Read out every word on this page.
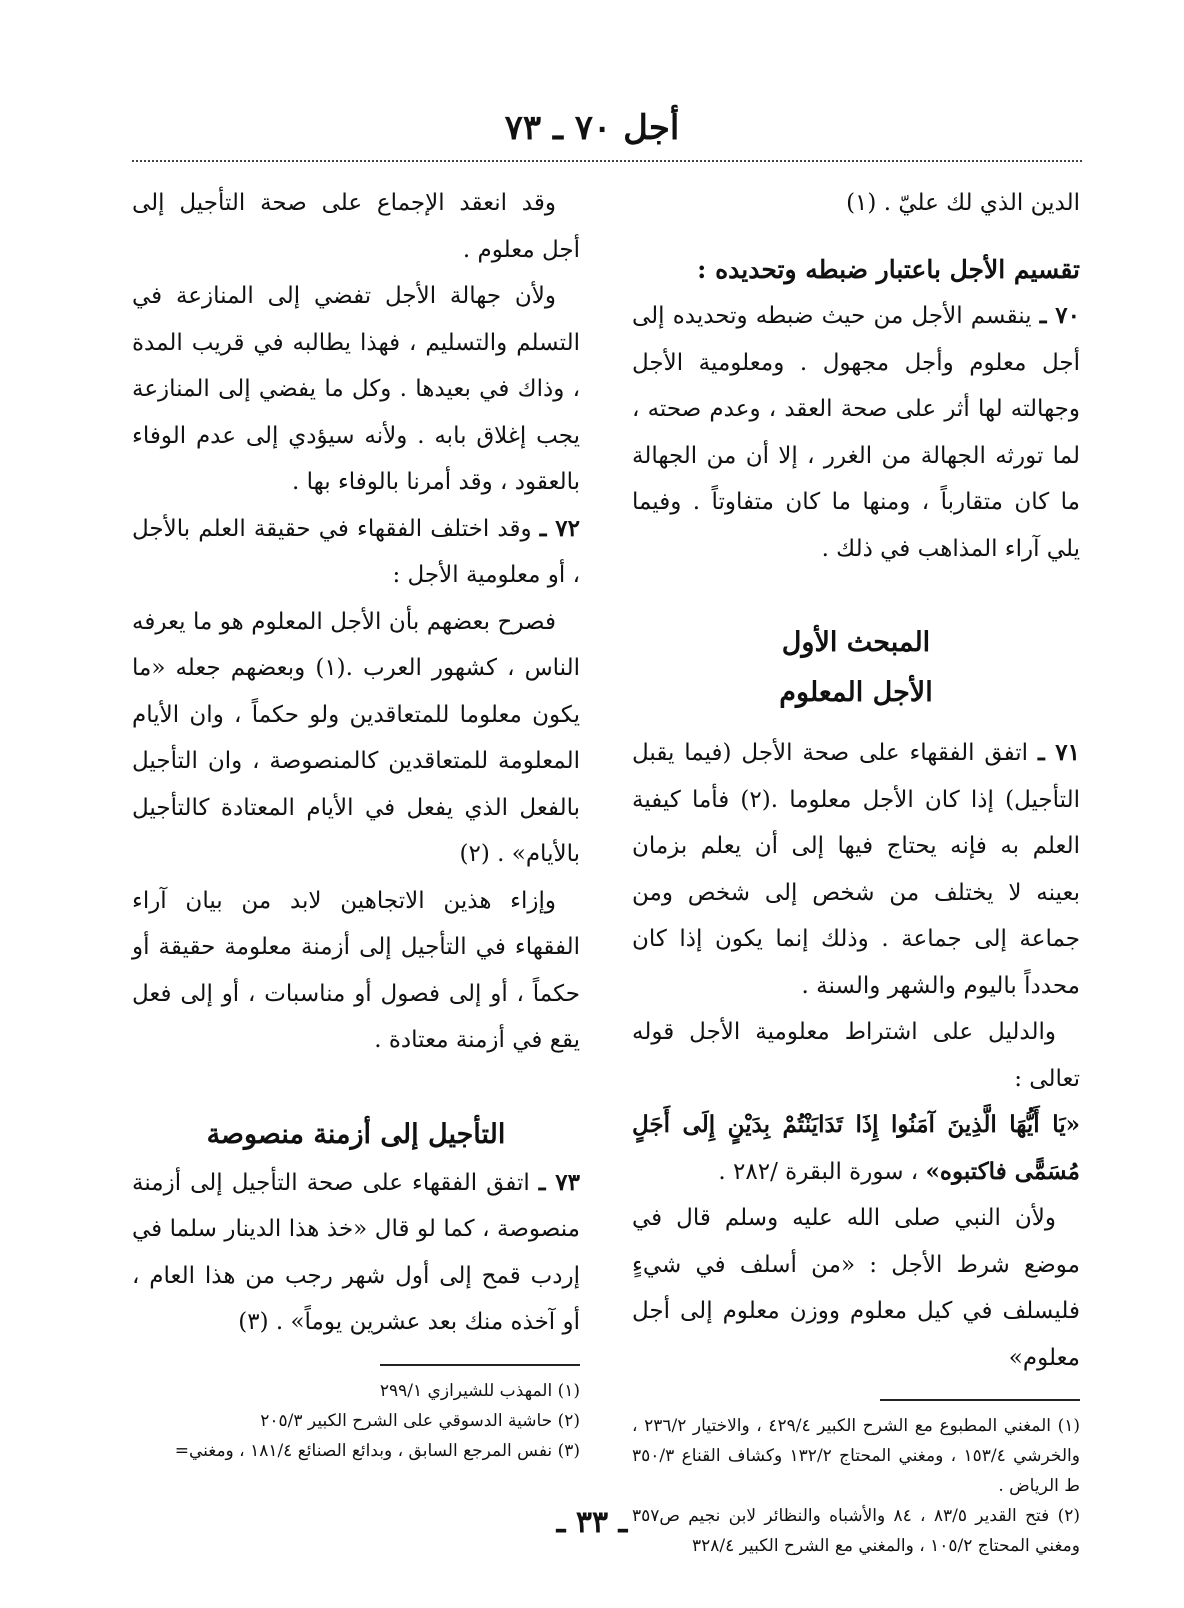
أجل ٧٠ ـ ٧٣

الدين الذي لك عليّ . (١)

تقسيم الأجل باعتبار ضبطه وتحديده :

٧٠ ـ ينقسم الأجل من حيث ضبطه وتحديده إلى أجل معلوم وأجل مجهول . ومعلومية الأجل وجهالته لها أثر على صحة العقد ، وعدم صحته ، لما تورثه الجهالة من الغرر ، إلا أن من الجهالة ما كان متقارباً ، ومنها ما كان متفاوتاً . وفيما يلي آراء المذاهب في ذلك .

المبحث الأول

الأجل المعلوم

٧١ ـ اتفق الفقهاء على صحة الأجل (فيما يقبل التأجيل) إذا كان الأجل معلوما .(٢) فأما كيفية العلم به فإنه يحتاج فيها إلى أن يعلم بزمان بعينه لا يختلف من شخص إلى شخص ومن جماعة إلى جماعة . وذلك إنما يكون إذا كان محدداً باليوم والشهر والسنة .

والدليل على اشتراط معلومية الأجل قوله تعالى :

«يَا أَيُّهَا الَّذِينَ آمَنُوا إِذَا تَدَايَنْتُمْ بِدَيْنٍ إِلَى أَجَلٍ مُسَمًّى فاكتبوه» ، سورة البقرة /٢٨٢ .

ولأن النبي صلى الله عليه وسلم قال في موضع شرط الأجل : «من أسلف في شيءٍ فليسلف في كيل معلوم ووزن معلوم إلى أجل معلوم»

(١) المغني المطبوع مع الشرح الكبير ٤٢٩/٤ ، والاختيار ٢٣٦/٢ ، والخرشي ١٥٣/٤ ، ومغني المحتاج ١٣٢/٢ وكشاف القناع ٣٥٠/٣ ط الرياض .

(٢) فتح القدير ٨٣/٥ ، ٨٤ والأشباه والنظائر لابن نجيم ص٣٥٧ ومغني المحتاج ١٠٥/٢ ، والمغني مع الشرح الكبير ٣٢٨/٤

وقد انعقد الإجماع على صحة التأجيل إلى أجل معلوم .

ولأن جهالة الأجل تفضي إلى المنازعة في التسلم والتسليم ، فهذا يطالبه في قريب المدة ، وذاك في بعيدها . وكل ما يفضي إلى المنازعة يجب إغلاق بابه . ولأنه سيؤدي إلى عدم الوفاء بالعقود ، وقد أمرنا بالوفاء بها .

٧٢ ـ وقد اختلف الفقهاء في حقيقة العلم بالأجل ، أو معلومية الأجل :

فصرح بعضهم بأن الأجل المعلوم هو ما يعرفه الناس ، كشهور العرب .(١) وبعضهم جعله «ما يكون معلوما للمتعاقدين ولو حكماً ، وان الأيام المعلومة للمتعاقدين كالمنصوصة ، وان التأجيل بالفعل الذي يفعل في الأيام المعتادة كالتأجيل بالأيام» . (٢)

وإزاء هذين الاتجاهين لابد من بيان آراء الفقهاء في التأجيل إلى أزمنة معلومة حقيقة أو حكماً ، أو إلى فصول أو مناسبات ، أو إلى فعل يقع في أزمنة معتادة .

التأجيل إلى أزمنة منصوصة

٧٣ ـ اتفق الفقهاء على صحة التأجيل إلى أزمنة منصوصة ، كما لو قال «خذ هذا الدينار سلما في إردب قمح إلى أول شهر رجب من هذا العام ، أو آخذه منك بعد عشرين يوماً» . (٣)

(١) المهذب للشيرازي ٢٩٩/١

(٢) حاشية الدسوقي على الشرح الكبير ٢٠٥/٣

(٣) نفس المرجع السابق ، وبدائع الصنائع ١٨١/٤ ، ومغني=

ـ ٣٣ ـ
